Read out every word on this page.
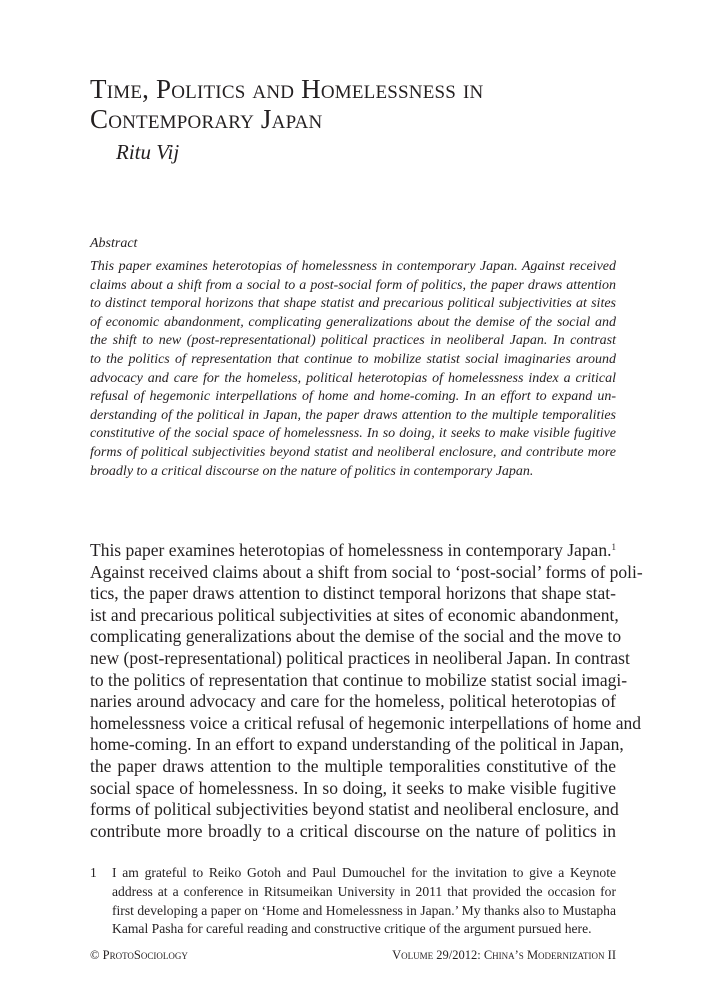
Time, Politics and Homelessness in
Contemporary Japan
Ritu Vij
Abstract
This paper examines heterotopias of homelessness in contemporary Japan. Against received
claims about a shift from a social to a post-social form of politics, the paper draws attention
to distinct temporal horizons that shape statist and precarious political subjectivities at sites
of economic abandonment, complicating generalizations about the demise of the social and
the shift to new (post-representational) political practices in neoliberal Japan. In contrast
to the politics of representation that continue to mobilize statist social imaginaries around
advocacy and care for the homeless, political heterotopias of homelessness index a critical
refusal of hegemonic interpellations of home and home-coming. In an effort to expand un-
derstanding of the political in Japan, the paper draws attention to the multiple temporalities
constitutive of the social space of homelessness. In so doing, it seeks to make visible fugitive
forms of political subjectivities beyond statist and neoliberal enclosure, and contribute more
broadly to a critical discourse on the nature of politics in contemporary Japan.
This paper examines heterotopias of homelessness in contemporary Japan.$^1$
Against received claims about a shift from social to ‘post-social’ forms of poli-
tics, the paper draws attention to distinct temporal horizons that shape stat-
ist and precarious political subjectivities at sites of economic abandonment,
complicating generalizations about the demise of the social and the move to
new (post-representational) political practices in neoliberal Japan. In contrast
to the politics of representation that continue to mobilize statist social imagi-
naries around advocacy and care for the homeless, political heterotopias of
homelessness voice a critical refusal of hegemonic interpellations of home and
home-coming. In an effort to expand understanding of the political in Japan,
the paper draws attention to the multiple temporalities constitutive of the
social space of homelessness. In so doing, it seeks to make visible fugitive
forms of political subjectivities beyond statist and neoliberal enclosure, and
contribute more broadly to a critical discourse on the nature of politics in
1 I am grateful to Reiko Gotoh and Paul Dumouchel for the invitation to give a Keynote
address at a conference in Ritsumeikan University in 2011 that provided the occasion for
first developing a paper on ‘Home and Homelessness in Japan.’ My thanks also to Mustapha
Kamal Pasha for careful reading and constructive critique of the argument pursued here.
© ProtoSociology	Volume 29/2012: China’s Modernization II
